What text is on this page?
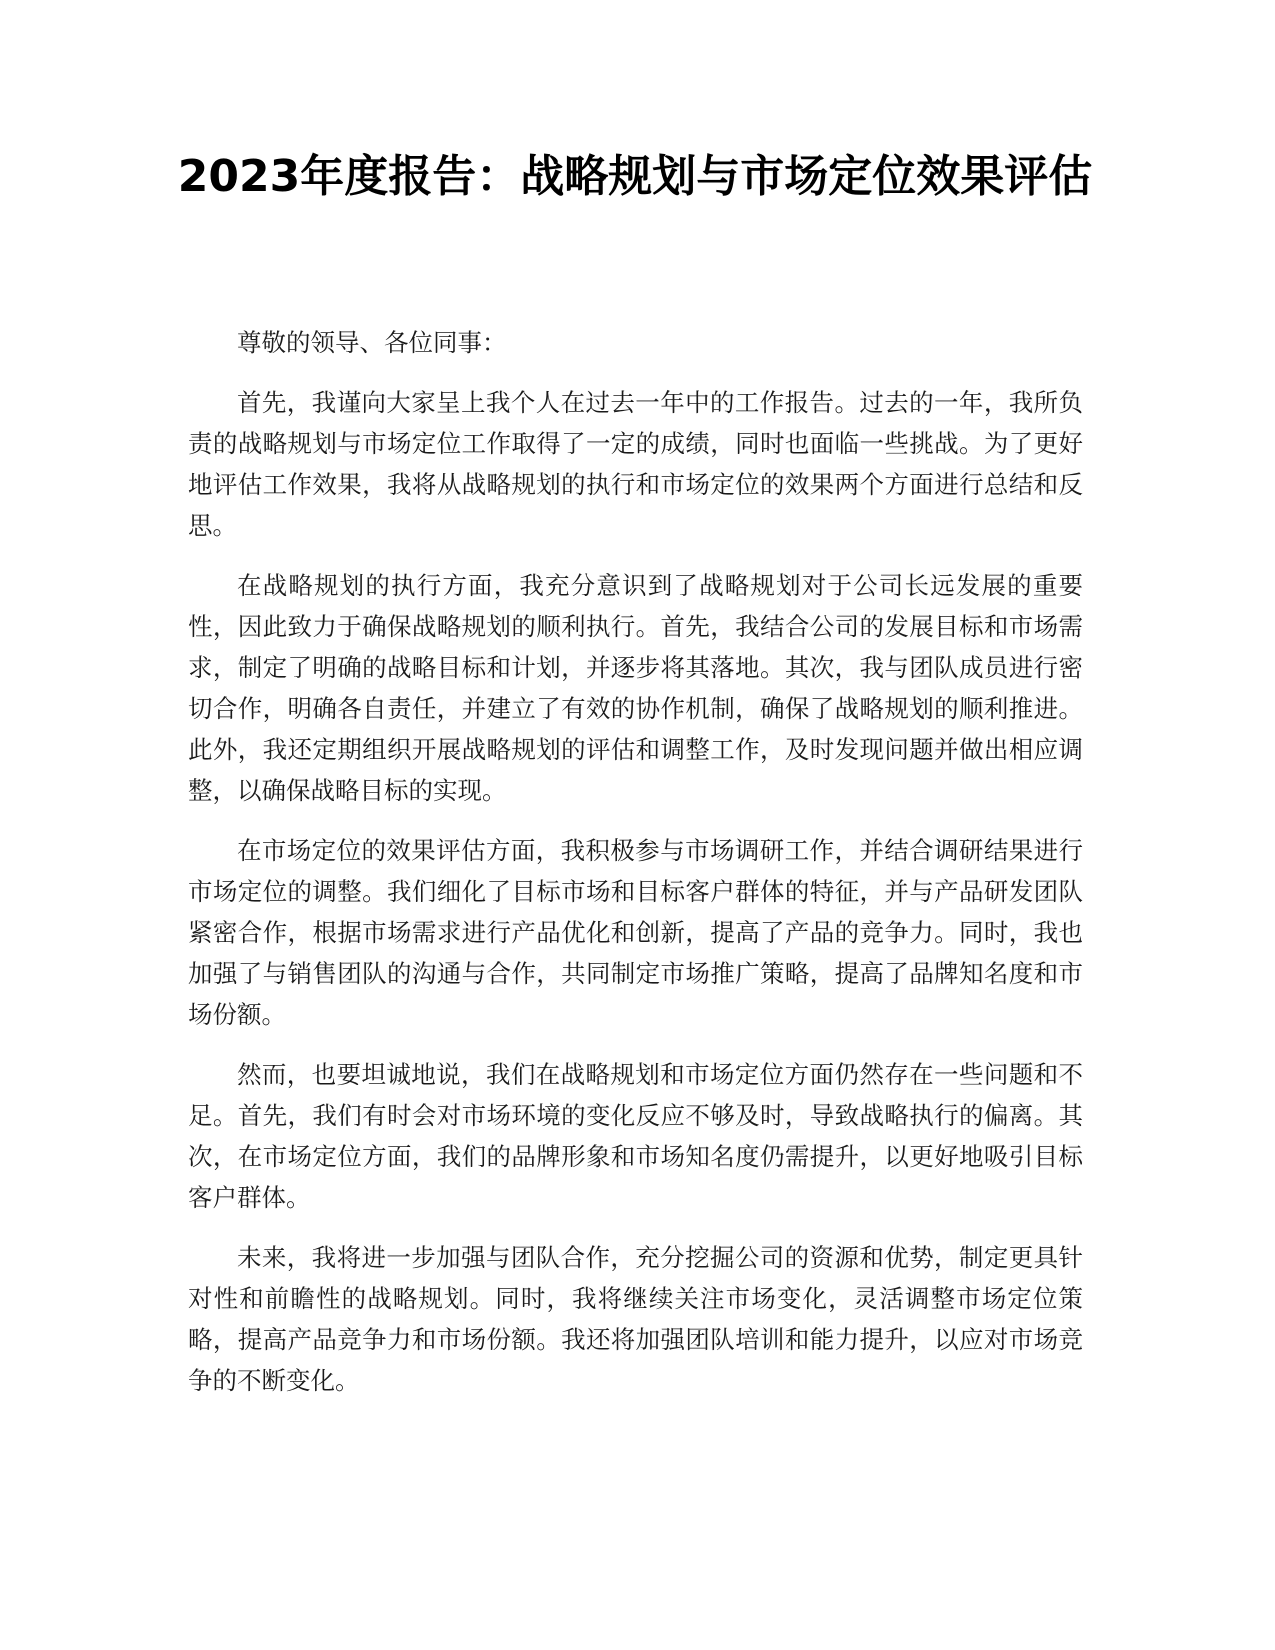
2023年度报告：战略规划与市场定位效果评估

尊敬的领导、各位同事：

首先，我谨向大家呈上我个人在过去一年中的工作报告。过去的一年，我所负责的战略规划与市场定位工作取得了一定的成绩，同时也面临一些挑战。为了更好地评估工作效果，我将从战略规划的执行和市场定位的效果两个方面进行总结和反思。

在战略规划的执行方面，我充分意识到了战略规划对于公司长远发展的重要性，因此致力于确保战略规划的顺利执行。首先，我结合公司的发展目标和市场需求，制定了明确的战略目标和计划，并逐步将其落地。其次，我与团队成员进行密切合作，明确各自责任，并建立了有效的协作机制，确保了战略规划的顺利推进。此外，我还定期组织开展战略规划的评估和调整工作，及时发现问题并做出相应调整，以确保战略目标的实现。

在市场定位的效果评估方面，我积极参与市场调研工作，并结合调研结果进行市场定位的调整。我们细化了目标市场和目标客户群体的特征，并与产品研发团队紧密合作，根据市场需求进行产品优化和创新，提高了产品的竞争力。同时，我也加强了与销售团队的沟通与合作，共同制定市场推广策略，提高了品牌知名度和市场份额。

然而，也要坦诚地说，我们在战略规划和市场定位方面仍然存在一些问题和不足。首先，我们有时会对市场环境的变化反应不够及时，导致战略执行的偏离。其次，在市场定位方面，我们的品牌形象和市场知名度仍需提升，以更好地吸引目标客户群体。

未来，我将进一步加强与团队合作，充分挖掘公司的资源和优势，制定更具针对性和前瞻性的战略规划。同时，我将继续关注市场变化，灵活调整市场定位策略，提高产品竞争力和市场份额。我还将加强团队培训和能力提升，以应对市场竞争的不断变化。
